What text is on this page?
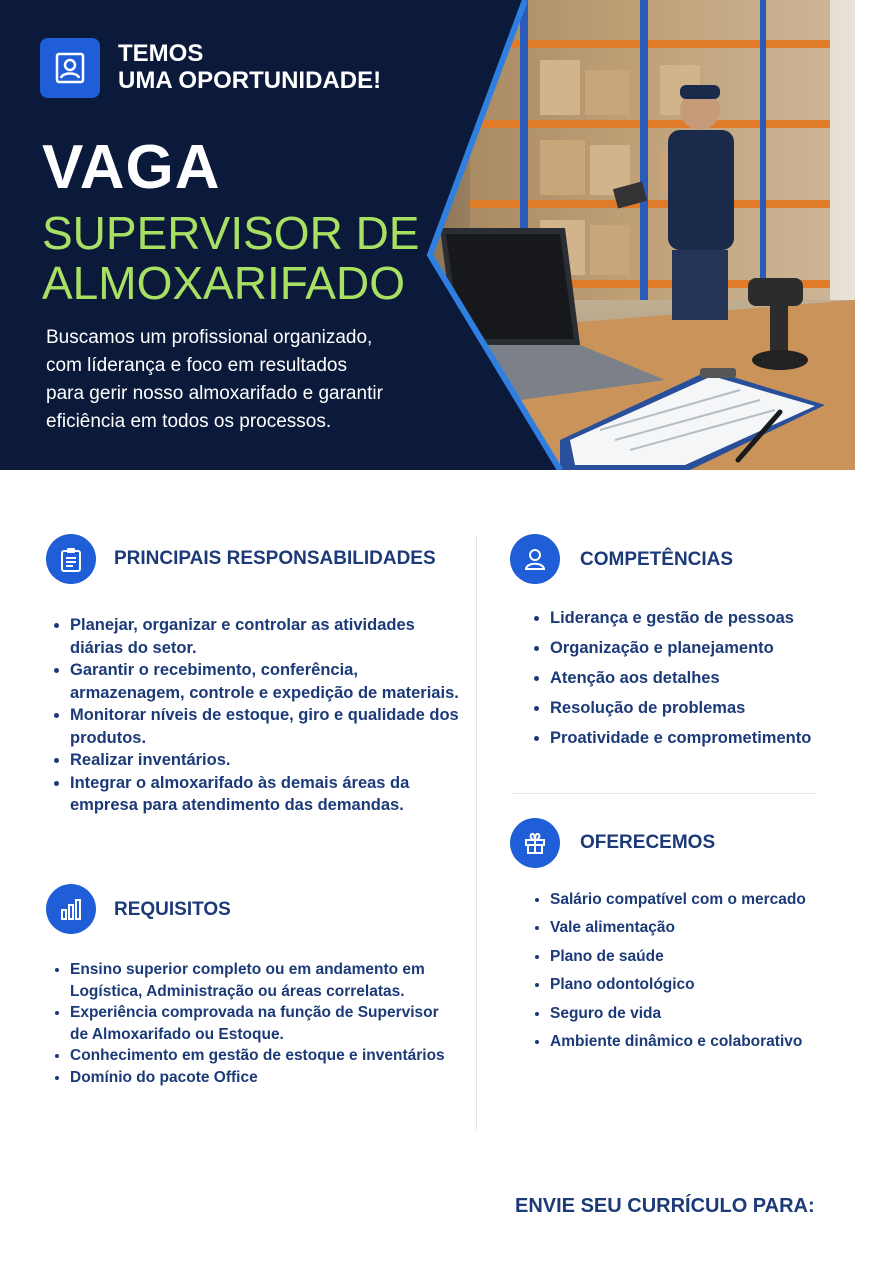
TEMOS
UMA OPORTUNIDADE!
VAGA
SUPERVISOR DE
ALMOXARIFADO
Buscamos um profissional organizado,
com líderança e foco em resultados
para gerir nosso almoxarifado e garantir
eficiência em todos os processos.
PRINCIPAIS RESPONSABILIDADES
• Planejar, organizar e controlar as atividades diárias do setor.
• Garantir o recebimento, conferência, armazenagem, controle e expedição de materiais.
• Monitorar níveis de estoque, giro e qualidade dos produtos.
• Realizar inventários.
• Integrar o almoxarifado às demais áreas da empresa para atendimento das demandas.
REQUISITOS
• Ensino superior completo ou em andamento em Logística, Administração ou áreas correlatas.
• Experiência comprovada na função de Supervisor de Almoxarifado ou Estoque.
• Conhecimento em gestão de estoque e inventários
• Domínio do pacote Office
COMPETÊNCIAS
• Liderança e gestão de pessoas
• Organização e planejamento
• Atenção aos detalhes
• Resolução de problemas
• Proatividade e comprometimento
OFERECEMOS
• Salário compatível com o mercado
• Vale alimentação
• Plano de saúde
• Plano odontológico
• Seguro de vida
• Ambiente dinâmico e colaborativo
ENVIE SEU CURRÍCULO PARA:
